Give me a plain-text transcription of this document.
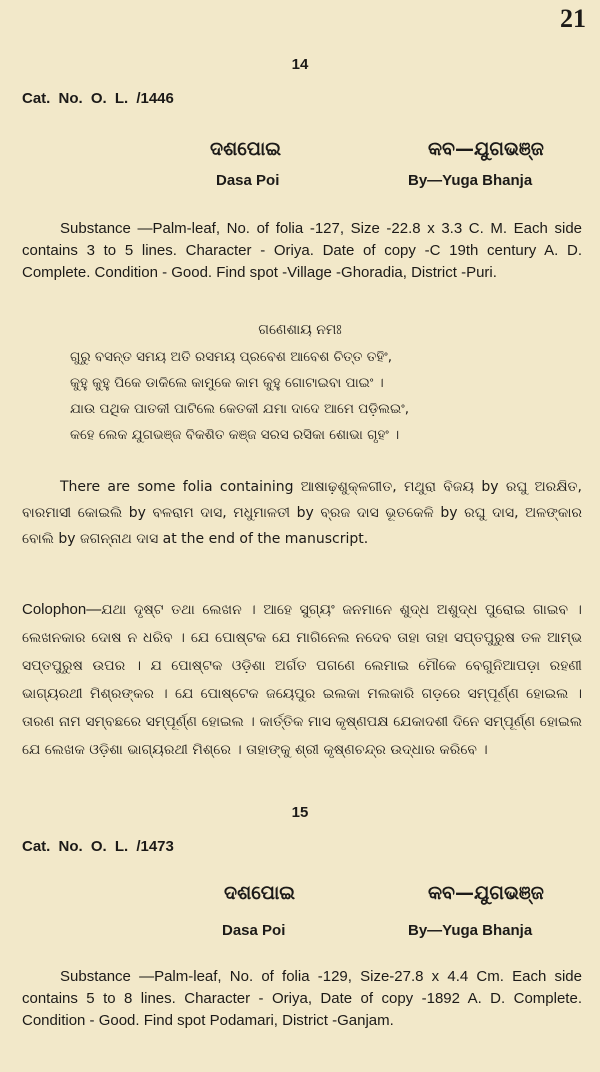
21
14
Cat. No. O. L. /1446
ଦଶପୋଇ	କବ—ଯୁଗଭଞ୍ଜ
Dasa Poi	By—Yuga Bhanja
Substance —Palm-leaf, No. of folia -127, Size -22.8 x 3.3 C. M. Each side contains 3 to 5 lines. Character - Oriya. Date of copy -C 19th century A. D. Complete. Condition - Good. Find spot -Village -Ghoradia, District -Puri.
ଗଣେଶାୟ ନମଃ
ଗୁରୁ ବସନ୍ତ ସମୟ ଅତି ରସମୟ ପ୍ରବେଶ ଆବେଶ ଚିତ୍ତ ତହିଂ,
କୁହୁ କୁହୁ ପିକେ ଡାକିଲେ କାମୁକେ କାମ କୁହୁ ଗୋଟାଇବା ପାଇଂ ।
ଯାଉ ପଥିକ ପାତକୀ ପାଟିଲେ କେତକୀ ଯମା ଦାଦେ ଆମେ ପଡ଼ିଲଇଂ,
କହେ ଲେକ ଯୁଗଭଞ୍ଜ ବିକଶିତ କଞ୍ଜ ସରସ ରସିକା ଶୋଭା ଗୃହଂ ।
There are some folia containing ଆଷାଢ଼ଶୁକ୍ଳଗୀତ, ମଥୁରା ବିଜୟ by ରଘୁ ଅରକ୍ଷିତ, ବାରମାସୀ କୋଇଲି by ବଳରାମ ଦାସ, ମଧୁମାଳତୀ by ବ୍ରଜ ଦାସ ଭୂତକେଳି by ରଘୁ ଦାସ, ଅଳଙ୍କାର ବୋଲି by ଜଗନ୍ନାଥ ଦାସ at the end of the manuscript.
Colophon—ଯଥା ଦୃଷ୍ଟ ତଥା ଲେଖନ । ଆହେ ସୁଗ୍ୟଂ ଜନମାନେ ଶୁଦ୍ଧ ଅଶୁଦ୍ଧ ପୁରୋଇ ଗାଇବ । ଲେଖନକାର ଦୋଷ ନ ଧରିବ । ଯେ ପୋଷ୍ଟକ ଯେ ମାଗିନେଲ ନଦେବ ତାହା ତାହା ସପ୍ତପୁରୁଷ ତଳ ଆମ୍ଭ ସପ୍ତପୁରୁଷ ଉପର । ଯ ପୋଷ୍ଟକ ଓଡ଼ିଶା ଅର୍ଗତ ପଗଣେ ଲେମାଇ ମୌକେ ବେଗୁନିଆପଡ଼ା ରହଣୀ ଭାଗ୍ୟରଥୀ ମିଶ୍ରଙ୍କର । ଯେ ପୋଷ୍ଟେକ ଜୟେପୁର ଇଲକା ମଲକାରି ଗଡ଼ରେ ସମ୍ପୂର୍ଣ୍ଣ ହୋଇଲ । ତାରଣ ନାମ ସମ୍ବଛରେ ସମ୍ପୂର୍ଣ୍ଣ ହୋଇଲ । କାର୍ତ୍ତିକ ମାସ କୃଷ୍ଣପକ୍ଷ ଯେକାଦଶୀ ଦିନେ ସମ୍ପୂର୍ଣ୍ଣ ହୋଇଲ ଯେ ଲେଖକ ଓଡ଼ିଶା ଭାଗ୍ୟରଥୀ ମିଶ୍ରେ । ତାହାଙ୍କୁ ଶ୍ରୀ କୃଷ୍ଣଚନ୍ଦ୍ର ଉଦ୍ଧାର କରିବେ ।
15
Cat. No. O. L. /1473
ଦଶପୋଇ	କବ—ଯୁଗଭଞ୍ଜ
Dasa Poi	By—Yuga Bhanja
Substance —Palm-leaf, No. of folia -129, Size-27.8 x 4.4 Cm. Each side contains 5 to 8 lines. Character - Oriya, Date of copy -1892 A. D. Complete. Condition - Good. Find spot Podamari, District -Ganjam.
